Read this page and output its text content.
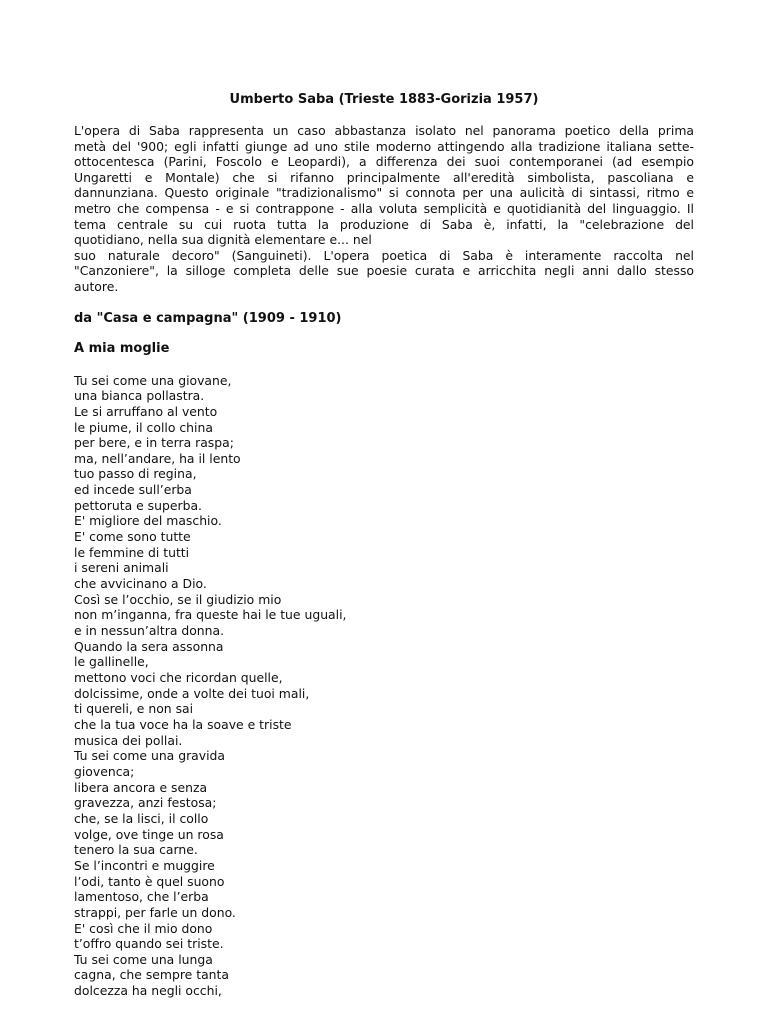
Umberto Saba (Trieste 1883-Gorizia 1957)

L'opera di Saba rappresenta un caso abbastanza isolato nel panorama poetico della prima
metà del '900; egli infatti giunge ad uno stile moderno attingendo alla tradizione italiana sette-
ottocentesca (Parini, Foscolo e Leopardi), a differenza dei suoi contemporanei (ad esempio
Ungaretti e Montale) che si rifanno principalmente all'eredità simbolista, pascoliana e
dannunziana. Questo originale "tradizionalismo" si connota per una aulicità di sintassi, ritmo e
metro che compensa - e si contrappone - alla voluta semplicità e quotidianità del linguaggio. Il
tema centrale su cui ruota tutta la produzione di Saba è, infatti, la "celebrazione del
quotidiano, nella sua dignità elementare e... nel
suo naturale decoro" (Sanguineti). L'opera poetica di Saba è interamente raccolta nel
"Canzoniere", la silloge completa delle sue poesie curata e arricchita negli anni dallo stesso
autore.

da "Casa e campagna" (1909 - 1910)
A mia moglie
Tu sei come una giovane,
una bianca pollastra.
Le si arruffano al vento
le piume, il collo china
per bere, e in terra raspa;
ma, nell’andare, ha il lento
tuo passo di regina,
ed incede sull’erba
pettoruta e superba.
E' migliore del maschio.
E' come sono tutte
le femmine di tutti
i sereni animali
che avvicinano a Dio.
Così se l’occhio, se il giudizio mio
non m’inganna, fra queste hai le tue uguali,
e in nessun’altra donna.
Quando la sera assonna
le gallinelle,
mettono voci che ricordan quelle,
dolcissime, onde a volte dei tuoi mali,
ti quereli, e non sai
che la tua voce ha la soave e triste
musica dei pollai.
Tu sei come una gravida
giovenca;
libera ancora e senza
gravezza, anzi festosa;
che, se la lisci, il collo
volge, ove tinge un rosa
tenero la sua carne.
Se l’incontri e muggire
l’odi, tanto è quel suono
lamentoso, che l’erba
strappi, per farle un dono.
E' così che il mio dono
t’offro quando sei triste.
Tu sei come una lunga
cagna, che sempre tanta
dolcezza ha negli occhi,
